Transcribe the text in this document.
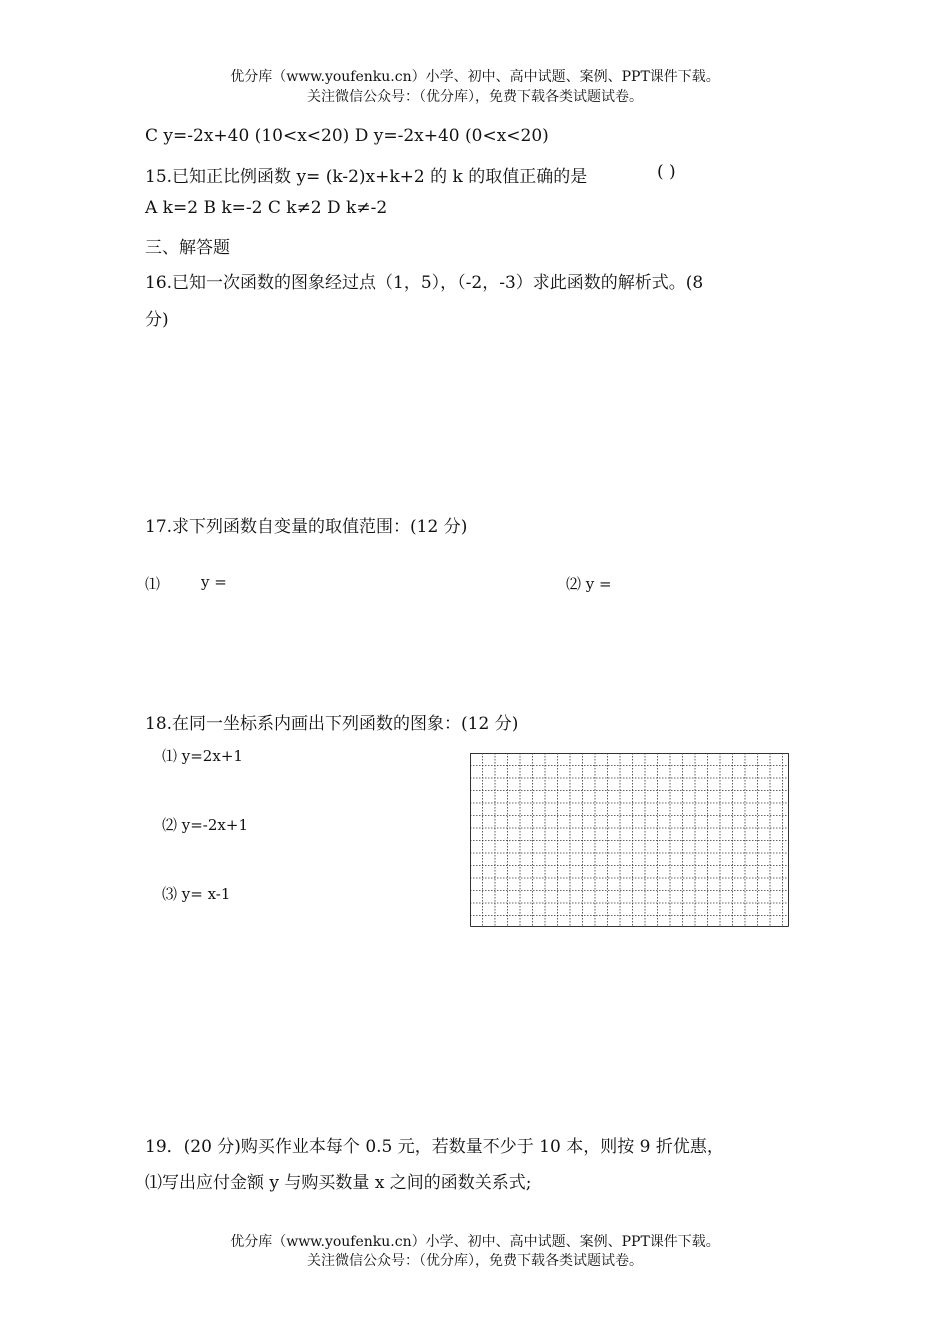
优分库（www.youfenku.cn）小学、初中、高中试题、案例、PPT课件下载。
关注微信公众号：（优分库），免费下载各类试题试卷。
C y=-2x+40 (10<x<20) D y=-2x+40 (0<x<20)
15.已知正比例函数 y= (k-2)x+k+2 的 k 的取值正确的是	( )
A k=2 B k=-2 C k≠2 D k≠-2
三、解答题
16.已知一次函数的图象经过点（1，5），（-2，-3）求此函数的解析式。(8
分)
17.求下列函数自变量的取值范围：(12 分)
⑴	y =	⑵ y =
18.在同一坐标系内画出下列函数的图象：(12 分)
⑴ y=2x+1
⑵ y=-2x+1
⑶ y= x-1
19．(20 分)购买作业本每个 0.5 元，若数量不少于 10 本，则按 9 折优惠，
⑴写出应付金额 y 与购买数量 x 之间的函数关系式;
优分库（www.youfenku.cn）小学、初中、高中试题、案例、PPT课件下载。
关注微信公众号：（优分库），免费下载各类试题试卷。
